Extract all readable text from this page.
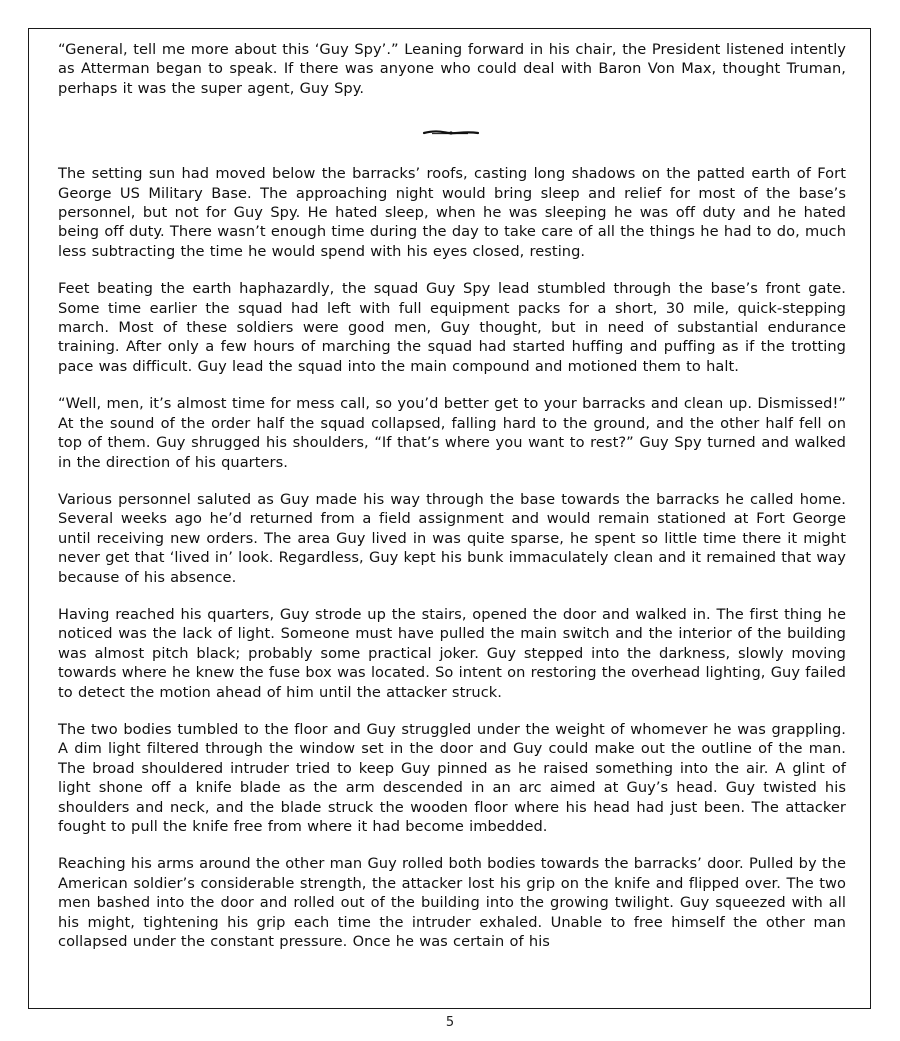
“General, tell me more about this ‘Guy Spy’.” Leaning forward in his chair, the President listened intently as Atterman began to speak. If there was anyone who could deal with Baron Von Max, thought Truman, perhaps it was the super agent, Guy Spy.

The setting sun had moved below the barracks’ roofs, casting long shadows on the patted earth of Fort George US Military Base. The approaching night would bring sleep and relief for most of the base’s personnel, but not for Guy Spy. He hated sleep, when he was sleeping he was off duty and he hated being off duty. There wasn’t enough time during the day to take care of all the things he had to do, much less subtracting the time he would spend with his eyes closed, resting.

Feet beating the earth haphazardly, the squad Guy Spy lead stumbled through the base’s front gate. Some time earlier the squad had left with full equipment packs for a short, 30 mile, quick-stepping march. Most of these soldiers were good men, Guy thought, but in need of substantial endurance training. After only a few hours of marching the squad had started huffing and puffing as if the trotting pace was difficult. Guy lead the squad into the main compound and motioned them to halt.

“Well, men, it’s almost time for mess call, so you’d better get to your barracks and clean up. Dismissed!” At the sound of the order half the squad collapsed, falling hard to the ground, and the other half fell on top of them. Guy shrugged his shoulders, “If that’s where you want to rest?” Guy Spy turned and walked in the direction of his quarters.

Various personnel saluted as Guy made his way through the base towards the barracks he called home. Several weeks ago he’d returned from a field assignment and would remain stationed at Fort George until receiving new orders. The area Guy lived in was quite sparse, he spent so little time there it might never get that ‘lived in’ look. Regardless, Guy kept his bunk immaculately clean and it remained that way because of his absence.

Having reached his quarters, Guy strode up the stairs, opened the door and walked in. The first thing he noticed was the lack of light. Someone must have pulled the main switch and the interior of the building was almost pitch black; probably some practical joker. Guy stepped into the darkness, slowly moving towards where he knew the fuse box was located. So intent on restoring the overhead lighting, Guy failed to detect the motion ahead of him until the attacker struck.

The two bodies tumbled to the floor and Guy struggled under the weight of whomever he was grappling. A dim light filtered through the window set in the door and Guy could make out the outline of the man. The broad shouldered intruder tried to keep Guy pinned as he raised something into the air. A glint of light shone off a knife blade as the arm descended in an arc aimed at Guy’s head. Guy twisted his shoulders and neck, and the blade struck the wooden floor where his head had just been. The attacker fought to pull the knife free from where it had become imbedded.

Reaching his arms around the other man Guy rolled both bodies towards the barracks’ door. Pulled by the American soldier’s considerable strength, the attacker lost his grip on the knife and flipped over. The two men bashed into the door and rolled out of the building into the growing twilight. Guy squeezed with all his might, tightening his grip each time the intruder exhaled. Unable to free himself the other man collapsed under the constant pressure. Once he was certain of his

5
